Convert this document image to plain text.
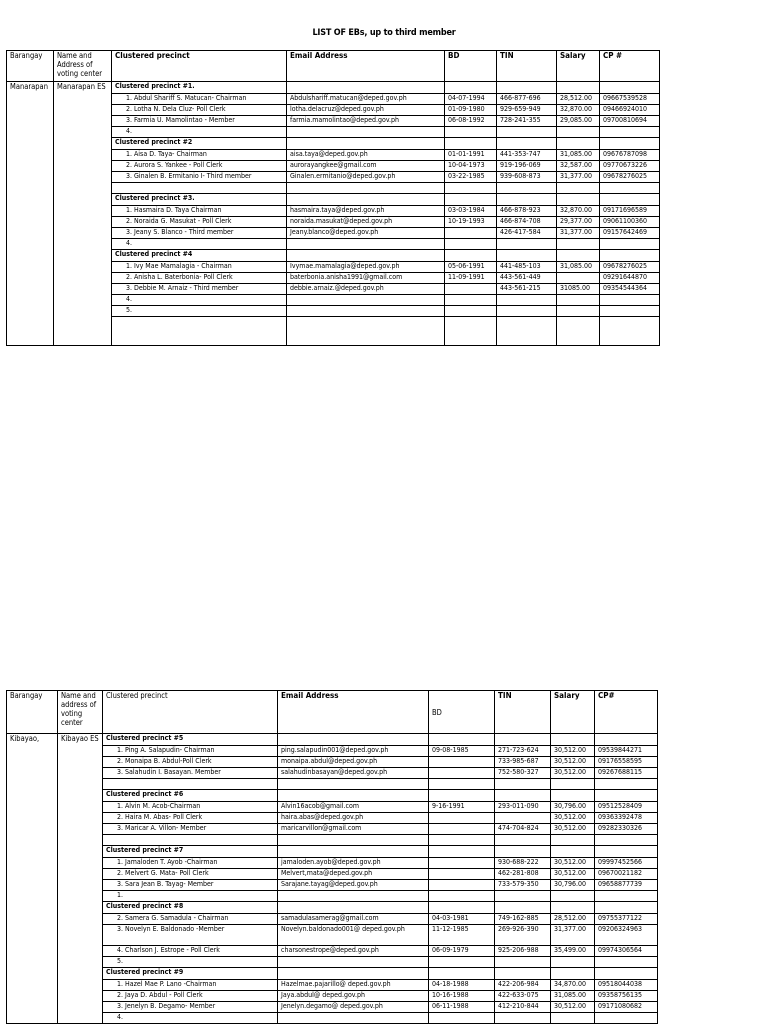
LIST OF EBs, up to third member
Barangay	Name and Address of voting center	Clustered precinct	Email Address	BD	TIN	Salary	CP #
Manarapan	Manarapan ES	Clustered precinct #1.					
		1. Abdul Shariff S. Matucan- Chairman	Abdulshariff.matucan@deped.gov.ph	04-07-1994	466-877-696	28,512.00	09667539528
		2. Lotha N. Dela Cluz- Poll Clerk	lotha.delacruz@deped.gov.ph	01-09-1980	929-659-949	32,870.00	09466924010
		3. Farmia U. Mamolintao - Member	farmia.mamolintao@deped.gov.ph	06-08-1992	728-241-355	29,085.00	09700810694
		4.					
		Clustered precinct #2					
		1. Aisa D. Taya- Chairman	aisa.taya@deped.gov.ph	01-01-1991	441-353-747	31,085.00	09676787098
		2. Aurora S. Yankee - Poll Clerk	aurorayangkee@gmail.com	10-04-1973	919-196-069	32,587.00	09770673226
		3. Ginalen B. Ermitanio I- Third member	Ginalen.ermitanio@deped.gov.ph	03-22-1985	939-608-873	31,377.00	09678276025

		Clustered precinct #3.					
		1. Hasmaira D. Taya Chairman	hasmaira.taya@deped.gov.ph	03-03-1984	466-878-923	32,870.00	09171696589
		2. Noraida G. Masukat - Poll Clerk	noraida.masukat@deped.gov.ph	10-19-1993	466-874-708	29,377.00	09061100360
		3. Jeany S. Blanco - Third member	Jeany.blanco@deped.gov.ph		426-417-584	31,377.00	09157642469
		4.					
		Clustered precinct #4					
		1. Ivy Mae Mamalagia - Chairman	Ivymae.mamalagia@deped.gov.ph	05-06-1991	441-485-103	31,085.00	09678276025
		2. Anisha L. Baterbonia- Poll Clerk	baterbonia.anisha1991@gmail.com	11-09-1991	443-561-449		09291644870
		3. Debbie M. Arnaiz - Third member	debbie.arnaiz.@deped.gov.ph		443-561-215	31085.00	09354544364
		4.					
		5.					

Barangay	Name and address of voting center	Clustered precinct	Email Address	BD	TIN	Salary	CP#
Kibayao,	Kibayao ES	Clustered precinct #5					
		1. Ping A. Salapudin- Chairman	ping.salapudin001@deped.gov.ph	09-08-1985	271-723-624	30,512.00	09539844271
		2. Monaipa B. Abdul-Poll Clerk	monaipa.abdul@deped.gov.ph		733-985-687	30,512.00	09176558595
		3. Salahudin I. Basayan. Member	salahudinbasayan@deped.gov.ph		752-580-327	30,512.00	09267688115

		Clustered precinct #6					
		1. Alvin M. Acob-Chairman	Alvin16acob@gmail.com	9-16-1991	293-011-090	30,796.00	09512528409
		2. Haira M. Abas- Poll Clerk	haira.abas@deped.gov.ph			30,512.00	09363392478
		3. Maricar A. Villon- Member	maricarvillon@gmail.com		474-704-824	30,512.00	09282330326

		Clustered precinct #7					
		1. Jamaloden T. Ayob -Chairman	jamaloden.ayob@deped.gov.ph		930-688-222	30,512.00	09997452566
		2. Melvert G. Mata- Poll Clerk	Melvert,mata@deped.gov.ph		462-281-808	30,512.00	09670021182
		3. Sara Jean B. Tayag- Member	Sarajane.tayag@deped.gov.ph		733-579-350	30,796.00	09658877739
		1.					
		Clustered precinct #8					
		2. Samera G. Samadula - Chairman	samadulasamerag@gmail.com	04-03-1981	749-162-885	28,512.00	09755377122
		3. Novelyn E. Baldonado -Member	Novelyn.baldonado001@ deped.gov.ph	11-12-1985	269-926-390	31,377.00	09206324963
		4. Charlson J. Estrope - Poll Clerk	charsonestrope@deped.gov.ph	06-09-1979	925-206-988	35,499.00	09974306564
		5.					
		Clustered precinct #9					
		1. Hazel Mae P. Lano -Chairman	Hazelmae.pajarillo@ deped.gov.ph	04-18-1988	422-206-984	34,870.00	09518044038
		2. Jaya D. Abdul - Poll Clerk	Jaya.abdul@ deped.gov.ph	10-16-1988	422-633-075	31,085.00	09358756135
		3. Jenelyn B. Degamo- Member	Jenelyn.degamo@ deped.gov.ph	06-11-1988	412-210-844	30,512.00	09171080682
		4.					
